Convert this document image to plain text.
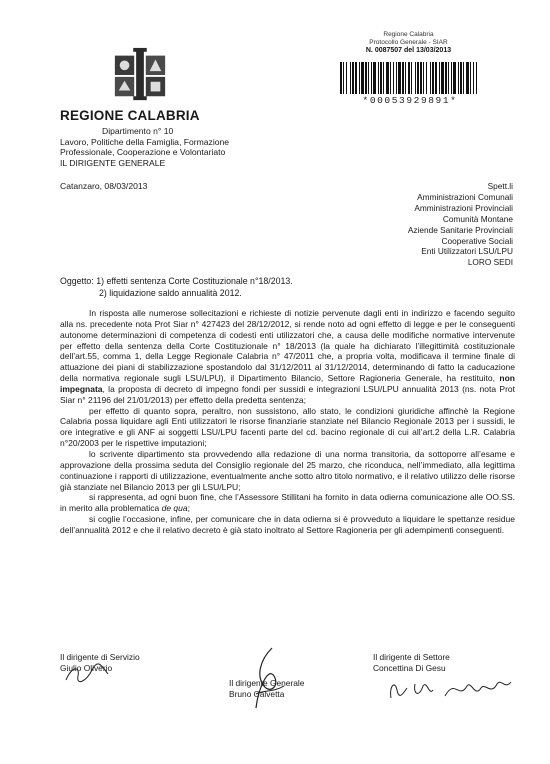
Regione Calabria
Protocollo Generale - SIAR
N. 0087507 del 13/03/2013
*00053929891*
REGIONE CALABRIA
Dipartimento n° 10
Lavoro, Politiche della Famiglia, Formazione
Professionale, Cooperazione e Volontariato
IL DIRIGENTE GENERALE
Catanzaro, 08/03/2013	Spett.li
Amministrazioni Comunali
Amministrazioni Provinciali
Comunità Montane
Aziende Sanitarie Provinciali
Cooperative Sociali
Enti Utilizzatori LSU/LPU
LORO SEDI
Oggetto: 1) effetti sentenza Corte Costituzionale n°18/2013.
2) liquidazione saldo annualità 2012.

In risposta alle numerose sollecitazioni e richieste di notizie pervenute dagli enti in indirizzo e facendo seguito alla ns. precedente nota Prot Siar n° 427423 del 28/12/2012, si rende noto ad ogni effetto di legge e per le conseguenti autonome determinazioni di competenza di codesti enti utilizzatori che, a causa delle modifiche normative intervenute per effetto della sentenza della Corte Costituzionale n° 18/2013 (la quale ha dichiarato l’illegittimità costituzionale dell’art.55, comma 1, della Legge Regionale Calabria n° 47/2011 che, a propria volta, modificava il termine finale di attuazione dei piani di stabilizzazione spostandolo dal 31/12/2011 al 31/12/2014, determinando di fatto la caducazione della normativa regionale sugli LSU/LPU), il Dipartimento Bilancio, Settore Ragioneria Generale, ha restituito, non impegnata, la proposta di decreto di impegno fondi per sussidi e integrazioni LSU/LPU annualità 2013 (ns. nota Prot Siar n° 21196 del 21/01/2013) per effetto della predetta sentenza;

per effetto di quanto sopra, peraltro, non sussistono, allo stato, le condizioni giuridiche affinchè la Regione Calabria possa liquidare agli Enti utilizzatori le risorse finanziarie stanziate nel Bilancio Regionale 2013 per i sussidi, le ore integrative e gli ANF ai soggetti LSU/LPU facenti parte del cd. bacino regionale di cui all’art.2 della L.R. Calabria n°20/2003 per le rispettive imputazioni;

lo scrivente dipartimento sta provvedendo alla redazione di una norma transitoria, da sottoporre all’esame e approvazione della prossima seduta del Consiglio regionale del 25 marzo, che riconduca, nell’immediato, alla legittima continuazione i rapporti di utilizzazione, eventualmente anche sotto altro titolo normativo, e il relativo utilizzo delle risorse già stanziate nel Bilancio 2013 per gli LSU/LPU;

si rappresenta, ad ogni buon fine, che l’Assessore Stillitani ha fornito in data odierna comunicazione alle OO.SS. in merito alla problematica de qua;

si coglie l’occasione, infine, per comunicare che in data odierna si è provveduto a liquidare le spettanze residue dell’annualità 2012 e che il relativo decreto è già stato inoltrato al Settore Ragioneria per gli adempimenti conseguenti.

Il dirigente di Servizio
Giulio Oliverio
Il dirigente Generale
Bruno Calvetta
Il dirigente di Settore
Concettina Di Gesu
